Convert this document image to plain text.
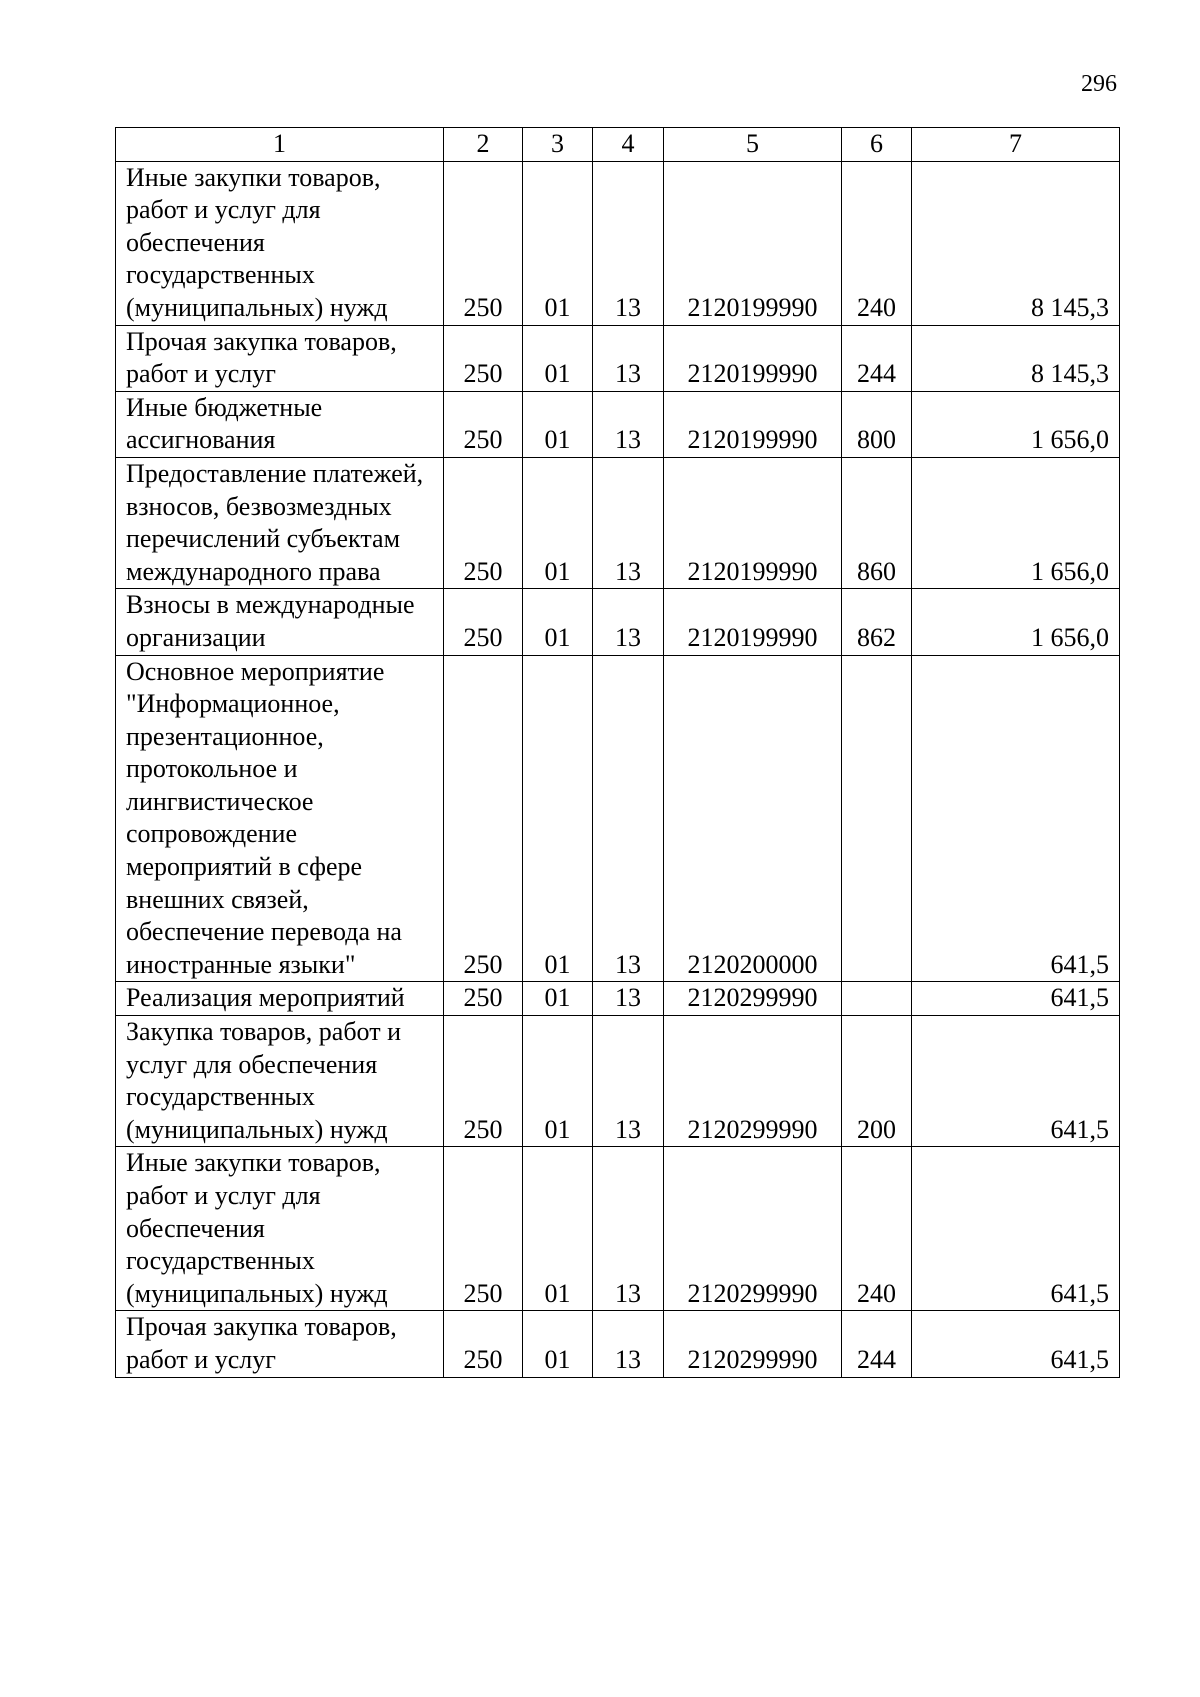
296
1	2	3	4	5	6	7
Иные закупки товаров, работ и услуг для обеспечения государственных (муниципальных) нужд	250	01	13	2120199990	240	8 145,3
Прочая закупка товаров, работ и услуг	250	01	13	2120199990	244	8 145,3
Иные бюджетные ассигнования	250	01	13	2120199990	800	1 656,0
Предоставление платежей, взносов, безвозмездных перечислений субъектам международного права	250	01	13	2120199990	860	1 656,0
Взносы в международные организации	250	01	13	2120199990	862	1 656,0
Основное мероприятие "Информационное, презентационное, протокольное и лингвистическое сопровождение мероприятий в сфере внешних связей, обеспечение перевода на иностранные языки"	250	01	13	2120200000		641,5
Реализация мероприятий	250	01	13	2120299990		641,5
Закупка товаров, работ и услуг для обеспечения государственных (муниципальных) нужд	250	01	13	2120299990	200	641,5
Иные закупки товаров, работ и услуг для обеспечения государственных (муниципальных) нужд	250	01	13	2120299990	240	641,5
Прочая закупка товаров, работ и услуг	250	01	13	2120299990	244	641,5
